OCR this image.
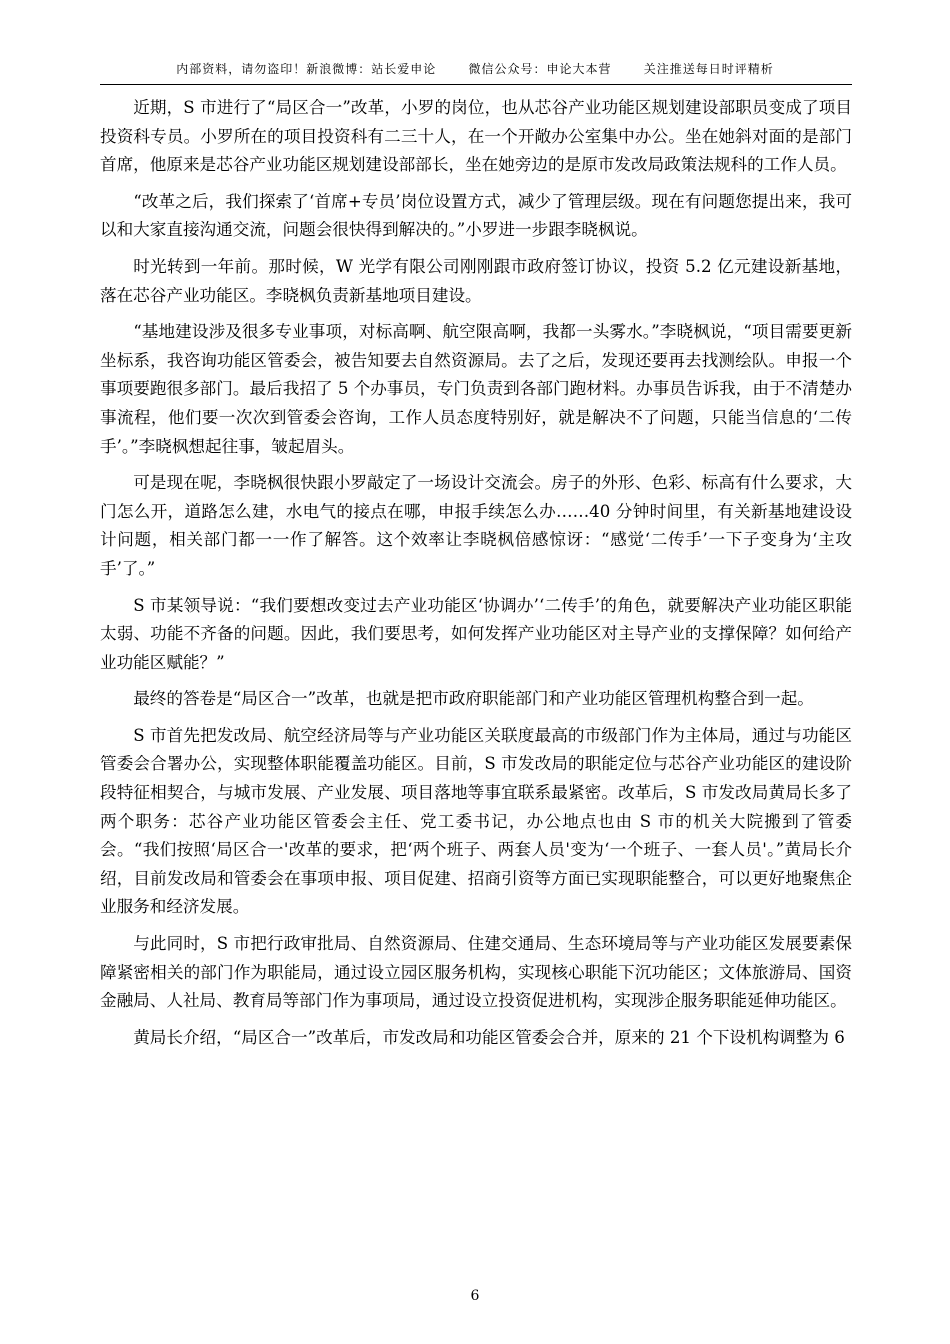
内部资料，请勿盗印！新浪微博：站长爱申论	微信公众号：申论大本营	关注推送每日时评精析

近期，S 市进行了“局区合一”改革，小罗的岗位，也从芯谷产业功能区规划建设部职员变成了项目投资科专员。小罗所在的项目投资科有二三十人，在一个开敞办公室集中办公。坐在她斜对面的是部门首席，他原来是芯谷产业功能区规划建设部部长，坐在她旁边的是原市发改局政策法规科的工作人员。

“改革之后，我们探索了‘首席+专员’岗位设置方式，减少了管理层级。现在有问题您提出来，我可以和大家直接沟通交流，问题会很快得到解决的。”小罗进一步跟李晓枫说。

时光转到一年前。那时候，W 光学有限公司刚刚跟市政府签订协议，投资 5.2 亿元建设新基地，落在芯谷产业功能区。李晓枫负责新基地项目建设。

“基地建设涉及很多专业事项，对标高啊、航空限高啊，我都一头雾水。”李晓枫说，“项目需要更新坐标系，我咨询功能区管委会，被告知要去自然资源局。去了之后，发现还要再去找测绘队。申报一个事项要跑很多部门。最后我招了 5 个办事员，专门负责到各部门跑材料。办事员告诉我，由于不清楚办事流程，他们要一次次到管委会咨询，工作人员态度特别好，就是解决不了问题，只能当信息的‘二传手’。”李晓枫想起往事，皱起眉头。

可是现在呢，李晓枫很快跟小罗敲定了一场设计交流会。房子的外形、色彩、标高有什么要求，大门怎么开，道路怎么建，水电气的接点在哪，申报手续怎么办……40 分钟时间里，有关新基地建设设计问题，相关部门都一一作了解答。这个效率让李晓枫倍感惊讶：“感觉‘二传手’一下子变身为‘主攻手’了。”

S 市某领导说：“我们要想改变过去产业功能区‘协调办’‘二传手’的角色，就要解决产业功能区职能太弱、功能不齐备的问题。因此，我们要思考，如何发挥产业功能区对主导产业的支撑保障？如何给产业功能区赋能？”

最终的答卷是“局区合一”改革，也就是把市政府职能部门和产业功能区管理机构整合到一起。

S 市首先把发改局、航空经济局等与产业功能区关联度最高的市级部门作为主体局，通过与功能区管委会合署办公，实现整体职能覆盖功能区。目前，S 市发改局的职能定位与芯谷产业功能区的建设阶段特征相契合，与城市发展、产业发展、项目落地等事宜联系最紧密。改革后，S 市发改局黄局长多了两个职务：芯谷产业功能区管委会主任、党工委书记，办公地点也由 S 市的机关大院搬到了管委会。“我们按照‘局区合一'改革的要求，把‘两个班子、两套人员'变为‘一个班子、一套人员'。”黄局长介绍，目前发改局和管委会在事项申报、项目促建、招商引资等方面已实现职能整合，可以更好地聚焦企业服务和经济发展。

与此同时，S 市把行政审批局、自然资源局、住建交通局、生态环境局等与产业功能区发展要素保障紧密相关的部门作为职能局，通过设立园区服务机构，实现核心职能下沉功能区；文体旅游局、国资金融局、人社局、教育局等部门作为事项局，通过设立投资促进机构，实现涉企服务职能延伸功能区。

黄局长介绍，“局区合一”改革后，市发改局和功能区管委会合并，原来的 21 个下设机构调整为 6

6
